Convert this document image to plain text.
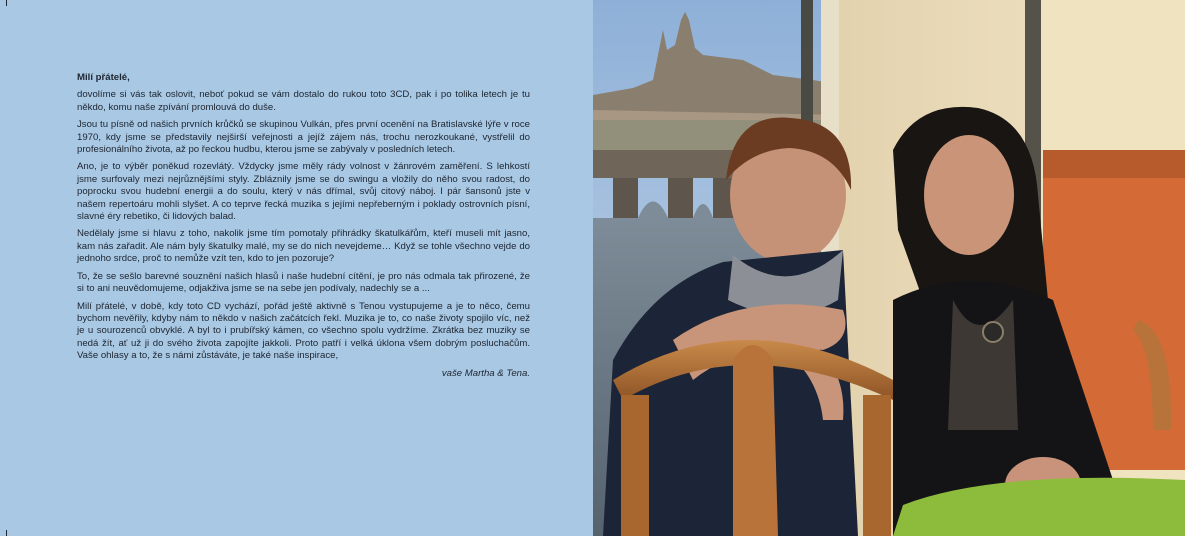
Milí přátelé,

dovolíme si vás tak oslovit, neboť pokud se vám dostalo do rukou toto 3CD, pak i po tolika letech je tu někdo, komu naše zpívání promlouvá do duše.

Jsou tu písně od našich prvních krůčků se skupinou Vulkán, přes první ocenění na Bratislavské lýře v roce 1970, kdy jsme se představily nejširší veřejnosti a jejíž zájem nás, trochu nerozkoukané, vystřelil do profesionálního života, až po řeckou hudbu, kterou jsme se zabývaly v posledních letech.

Ano, je to výběr poněkud rozevlátý. Vždycky jsme měly rády volnost v žánrovém zaměření. S lehkostí jsme surfovaly mezi nejrůznějšími styly. Zbláznily jsme se do swingu a vložily do něho svou radost, do poprocku svou hudební energii a do soulu, který v nás dřímal, svůj citový náboj. I pár šansonů jste v našem repertoáru mohli slyšet. A co teprve řecká muzika s jejími nepřeberným i poklady ostrovních písní, slavné éry rebetiko, či lidových balad.

Nedělaly jsme si hlavu z toho, nakolik jsme tím pomotaly přihrádky škatulkářům, kteří museli mít jasno, kam nás zařadit. Ale nám byly škatulky malé, my se do nich nevejdeme… Když se tohle všechno vejde do jednoho srdce, proč to nemůže vzít ten, kdo to jen pozoruje?

To, že se sešlo barevné souznění našich hlasů i naše hudební cítění, je pro nás odmala tak přirozené, že si to ani neuvědomujeme, odjakživa jsme se na sebe jen podívaly, nadechly se a ...

Milí přátelé, v době, kdy toto CD vychází, pořád ještě aktivně s Tenou vystupujeme a je to něco, čemu bychom nevěřily, kdyby nám to někdo v našich začátcích řekl. Muzika je to, co naše životy spojilo víc, než je u sourozenců obvyklé. A byl to i prubířský kámen, co všechno spolu vydržíme. Zkrátka bez muziky se nedá žít, ať už ji do svého života zapojíte jakkoli. Proto patří i velká úklona všem dobrým posluchačům. Vaše ohlasy a to, že s námi zůstáváte, je také naše inspirace,

vaše Martha & Tena.
